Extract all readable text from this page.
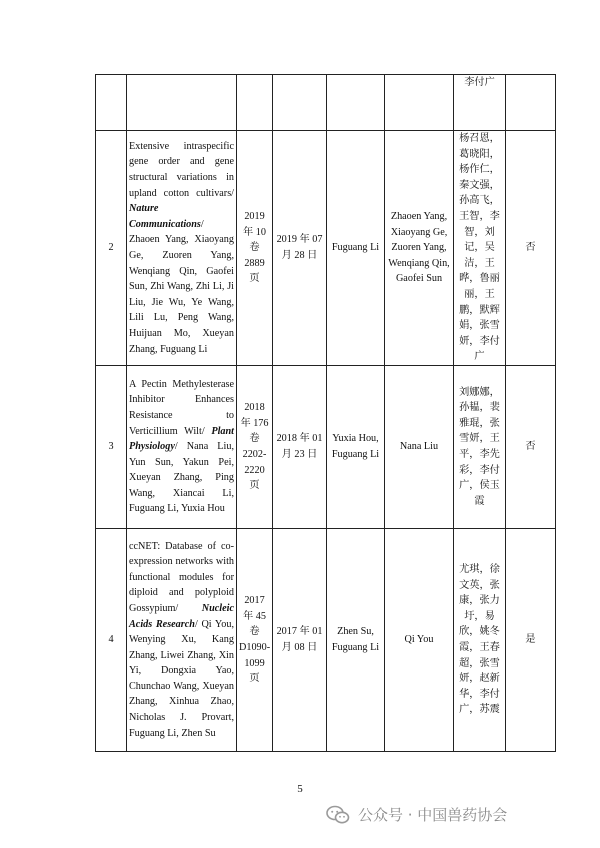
						李付广	
2	Extensive intraspecific gene order and gene structural variations in upland cotton cultivars/ Nature Communications/ Zhaoen Yang, Xiaoyang Ge, Zuoren Yang, Wenqiang Qin, Gaofei Sun, Zhi Wang, Zhi Li, Ji Liu, Jie Wu, Ye Wang, Lili Lu, Peng Wang, Huijuan Mo, Xueyan Zhang, Fuguang Li	2019 年 10 卷 2889 页	2019 年 07 月 28 日	Fuguang Li	Zhaoen Yang, Xiaoyang Ge, Zuoren Yang, Wenqiang Qin, Gaofei Sun	杨召恩，葛晓阳，杨作仁，秦文强，孙高飞，王智，李智，刘记，吴洁，王晔，鲁丽丽，王鹏，默辉娟，张雪妍，李付广	否
3	A Pectin Methylesterase Inhibitor Enhances Resistance to Verticillium Wilt/ Plant Physiology/ Nana Liu, Yun Sun, Yakun Pei, Xueyan Zhang, Ping Wang, Xiancai Li, Fuguang Li, Yuxia Hou	2018 年 176 卷 2202-2220 页	2018 年 01 月 23 日	Yuxia Hou, Fuguang Li	Nana Liu	刘娜娜，孙韫，裴雅琨，张雪妍，王平，李先彩，李付广，侯玉霞	否
4	ccNET: Database of co-expression networks with functional modules for diploid and polyploid Gossypium/ Nucleic Acids Research/ Qi You, Wenying Xu, Kang Zhang, Liwei Zhang, Xin Yi, Dongxia Yao, Chunchao Wang, Xueyan Zhang, Xinhua Zhao, Nicholas J. Provart, Fuguang Li, Zhen Su	2017 年 45 卷 D1090-1099 页	2017 年 01 月 08 日	Zhen Su, Fuguang Li	Qi You	尤琪，徐文英，张康，张力圩，易欣，姚冬霞，王春超，张雪妍，赵新华，李付广，苏震	是
5
公众号 · 中国兽药协会
